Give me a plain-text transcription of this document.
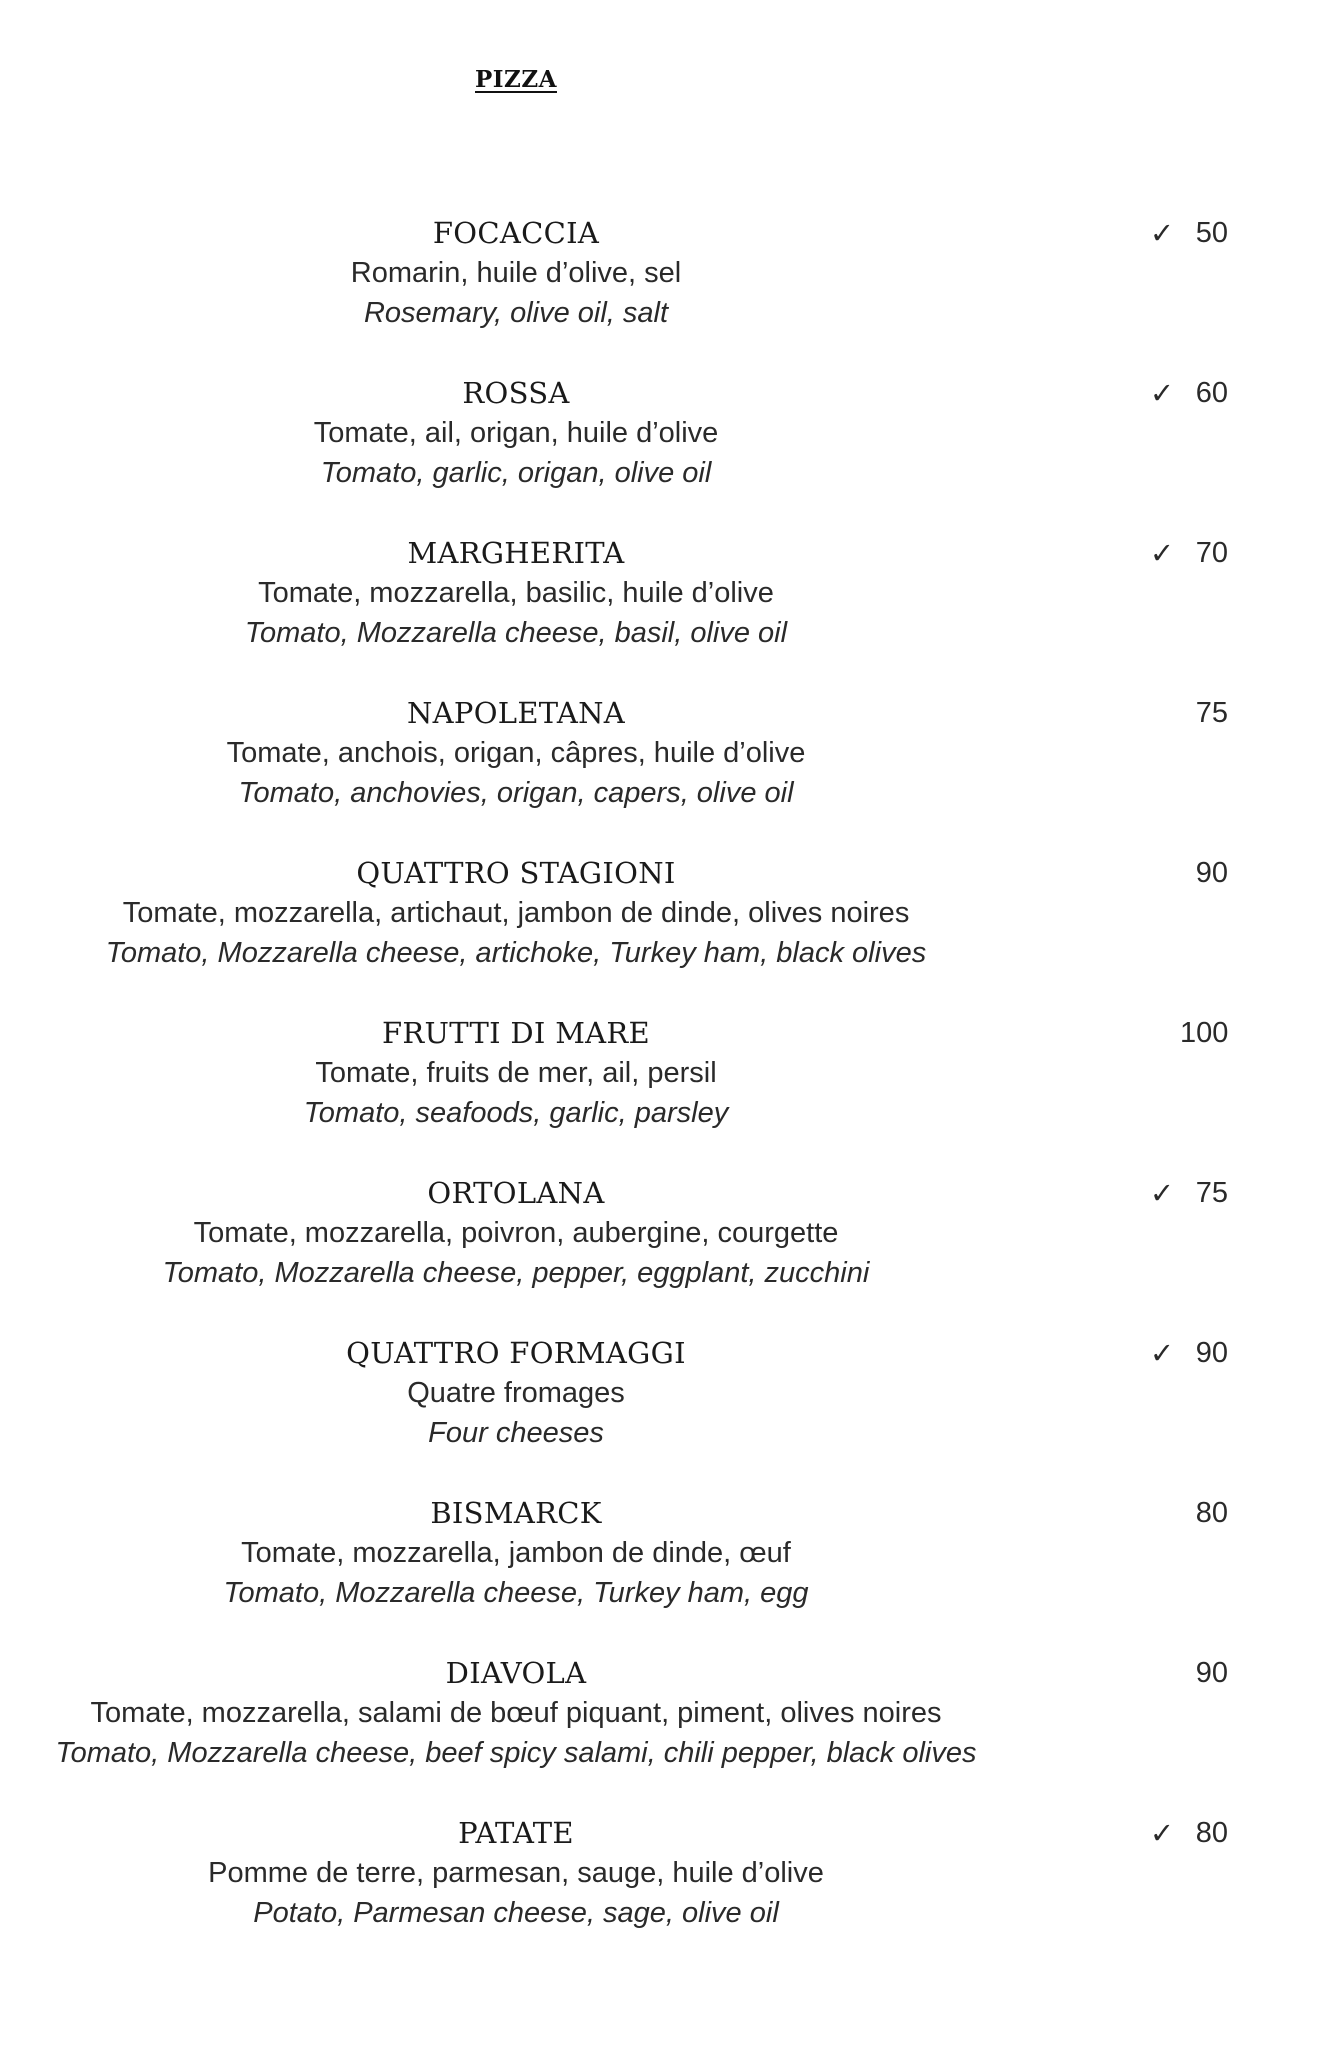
PIZZA
FOCACCIA
Romarin, huile d’olive, sel
Rosemary, olive oil, salt
✓ 50
ROSSA
Tomate, ail, origan, huile d’olive
Tomato, garlic, origan, olive oil
✓ 60
MARGHERITA
Tomate, mozzarella, basilic, huile d’olive
Tomato, Mozzarella cheese, basil, olive oil
✓ 70
NAPOLETANA
Tomate, anchois, origan, câpres, huile d’olive
Tomato, anchovies, origan, capers, olive oil
75
QUATTRO STAGIONI
Tomate, mozzarella, artichaut, jambon de dinde, olives noires
Tomato, Mozzarella cheese, artichoke, Turkey ham, black olives
90
FRUTTI DI MARE
Tomate, fruits de mer, ail, persil
Tomato, seafoods, garlic, parsley
100
ORTOLANA
Tomate, mozzarella, poivron, aubergine, courgette
Tomato, Mozzarella cheese, pepper, eggplant, zucchini
✓ 75
QUATTRO FORMAGGI
Quatre fromages
Four cheeses
✓ 90
BISMARCK
Tomate, mozzarella, jambon de dinde, œuf
Tomato, Mozzarella cheese, Turkey ham, egg
80
DIAVOLA
Tomate, mozzarella, salami de bœuf piquant, piment, olives noires
Tomato, Mozzarella cheese, beef spicy salami, chili pepper, black olives
90
PATATE
Pomme de terre, parmesan, sauge, huile d’olive
Potato, Parmesan cheese, sage, olive oil
✓ 80
